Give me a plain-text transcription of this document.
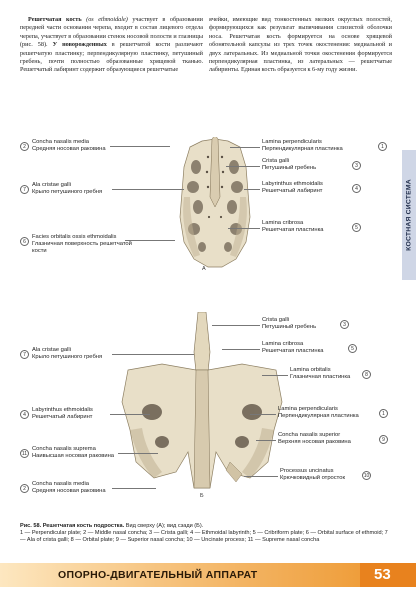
Решетчатая кость (os ethmoidale) участвует в образовании передней части основания черепа, входит в состав лицевого отдела черепа, участвует в образовании стенок носовой полости и глазницы (рис. 58). У новорожденных в решетчатой кости различают решетчатую пластинку; перпендикулярную пластинку, петушиный гребень, почти полностью образованные хрящевой тканью. Решетчатый лабиринт содержит образующиеся решетчатые

ячейки, имеющие вид тонкостенных мелких округлых полостей, формирующихся как результат выпячивания слизистой оболочки носа. Решетчатая кость формируется на основе хрящевой обонятельной капсулы из трех точек окостенения: медиальной и двух латеральных. Из медиальной точки окостенения формируется перпендикулярная пластинка, из латеральных — решетчатые лабиринты. Единая кость образуется к 6-му году жизни.

КОСТНАЯ СИСТЕМА
А
2
Concha nasalis media
Средняя носовая раковина
7
Ala cristae galli
Крыло петушиного гребня
6
Facies orbitalis ossis ethmoidalis
Глазничная поверхность решетчатой кости
Lamina perpendicularis
Перпендикулярная пластинка	1
Crista galli
Петушиный гребень	3
Labyrinthus ethmoidalis
Решетчатый лабиринт	4
Lamina cribrosa
Решетчатая пластинка	5
Б
7
Ala cristae galli
Крыло петушиного гребня
4
Labyrinthus ethmoidalis
Решетчатый лабиринт
11
Concha nasalis suprema
Наивысшая носовая раковина
2
Concha nasalis media
Средняя носовая раковина
Crista galli
Петушиный гребень	3
Lamina cribrosa
Решетчатая пластинка	5
Lamina orbitalis
Глазничная пластинка	8
Lamina perpendicularis
Перпендикулярная пластинка	1
Concha nasalis superior
Верхняя носовая раковина	9
Processus uncinatus
Крючковидный отросток	10
Рис. 58. Решетчатая кость подростка. Вид сверху (А); вид сзади (Б).
1 — Perpendicular plate; 2 — Middle nasal concha; 3 — Crista galli; 4 — Ethmoidal labyrinth; 5 — Cribriform plate; 6 — Orbital surface of ethmoid; 7 — Ala of crista galli; 8 — Orbital plate; 9 — Superior nasal concha; 10 — Uncinate process; 11 — Supreme nasal concha
ОПОРНО-ДВИГАТЕЛЬНЫЙ АППАРАТ	53
